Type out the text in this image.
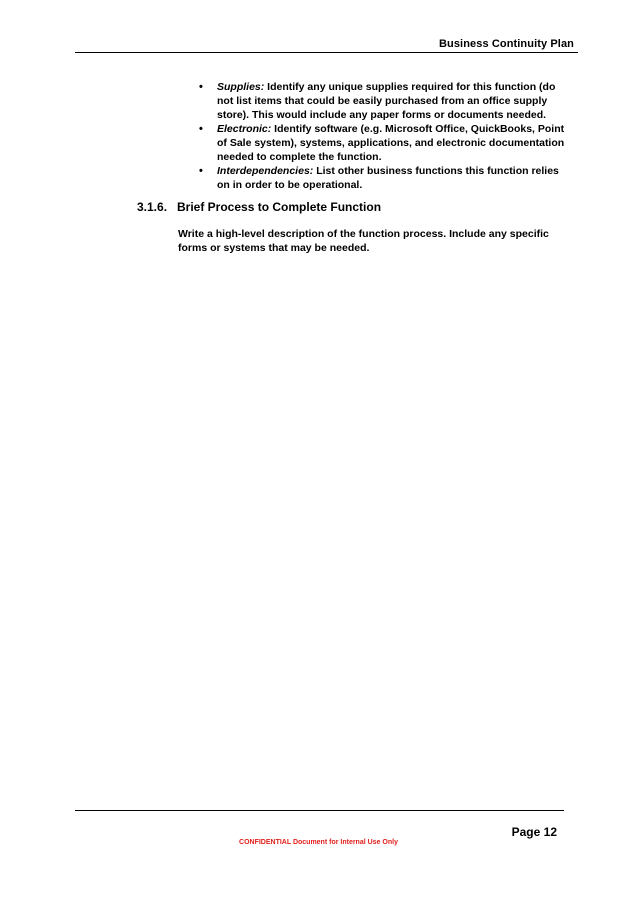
Business Continuity Plan
• Supplies: Identify any unique supplies required for this function (do not list items that could be easily purchased from an office supply store). This would include any paper forms or documents needed.
• Electronic: Identify software (e.g. Microsoft Office, QuickBooks, Point of Sale system), systems, applications, and electronic documentation needed to complete the function.
• Interdependencies: List other business functions this function relies on in order to be operational.
3.1.6. Brief Process to Complete Function

Write a high-level description of the function process. Include any specific forms or systems that may be needed.

Page 12
CONFIDENTIAL Document for Internal Use Only
